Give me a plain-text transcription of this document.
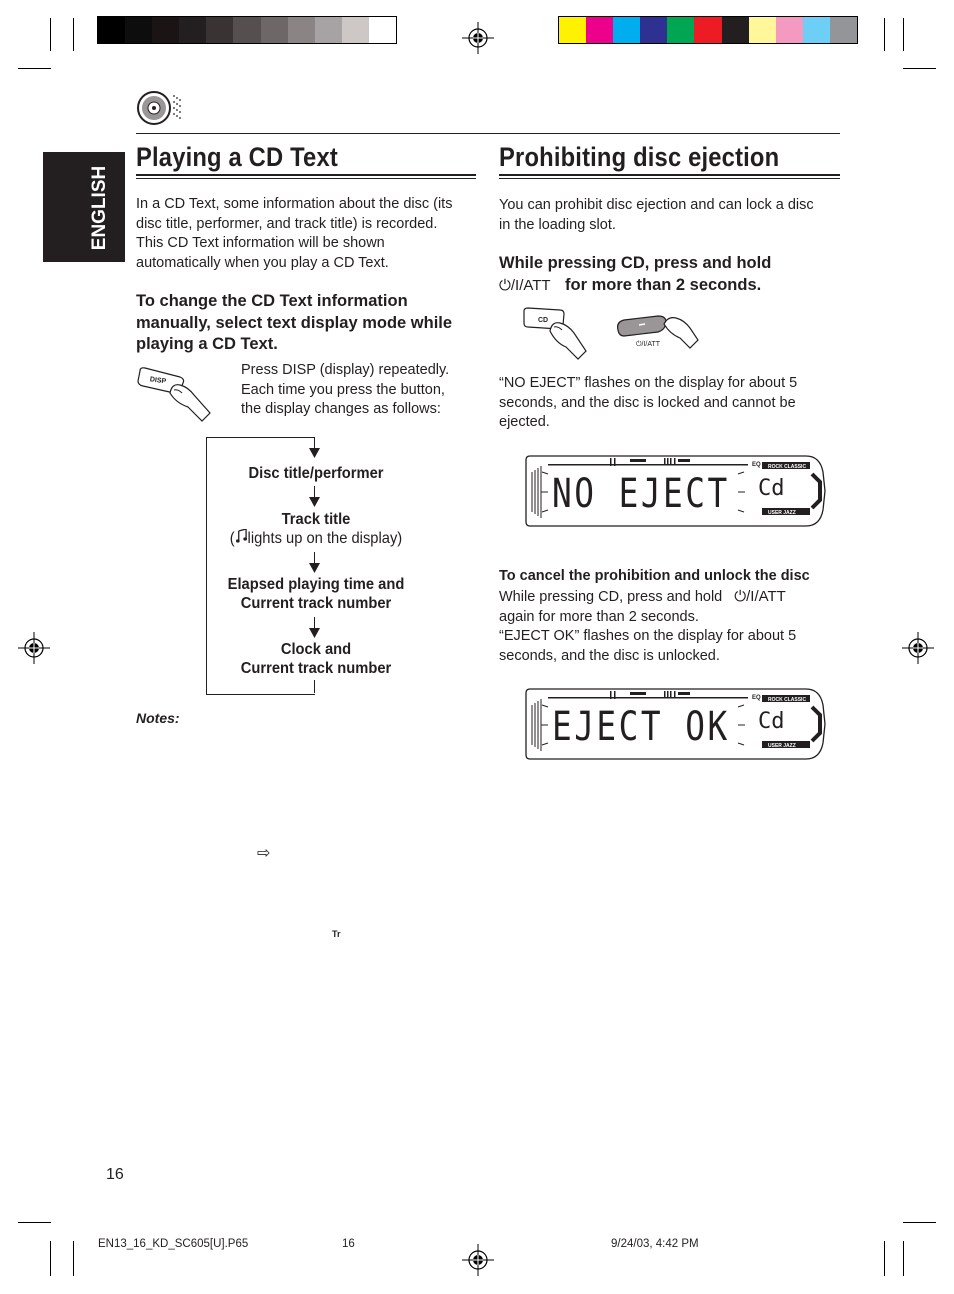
ENGLISH
Playing a CD Text
In a CD Text, some information about the disc (its
disc title, performer, and track title) is recorded.
This CD Text information will be shown
automatically when you play a CD Text.
To change the CD Text information
manually, select text display mode while
playing a CD Text.
DISP
Press DISP (display) repeatedly.
Each time you press the button,
the display changes as follows:
Disc title/performer
Track title
( lights up on the display)
Elapsed playing time and
Current track number
Clock and
Current track number
Notes:
⇨
Tr
Prohibiting disc ejection
You can prohibit disc ejection and can lock a disc
in the loading slot.
While pressing CD, press and hold
⏻/I/ATT for more than 2 seconds.
CD
⏻/I/ATT
“NO EJECT” flashes on the display for about 5
seconds, and the disc is locked and cannot be
ejected.
ROCK CLASSIC
USER JAZZ
EQ
NO EJECT Cd
To cancel the prohibition and unlock the disc
While pressing CD, press and hold ⏻/I/ATT
again for more than 2 seconds.
“EJECT OK” flashes on the display for about 5
seconds, and the disc is unlocked.
ROCK CLASSIC
USER JAZZ
EQ
EJECT OK Cd
16
EN13_16_KD_SC605[U].P65	16	9/24/03, 4:42 PM
